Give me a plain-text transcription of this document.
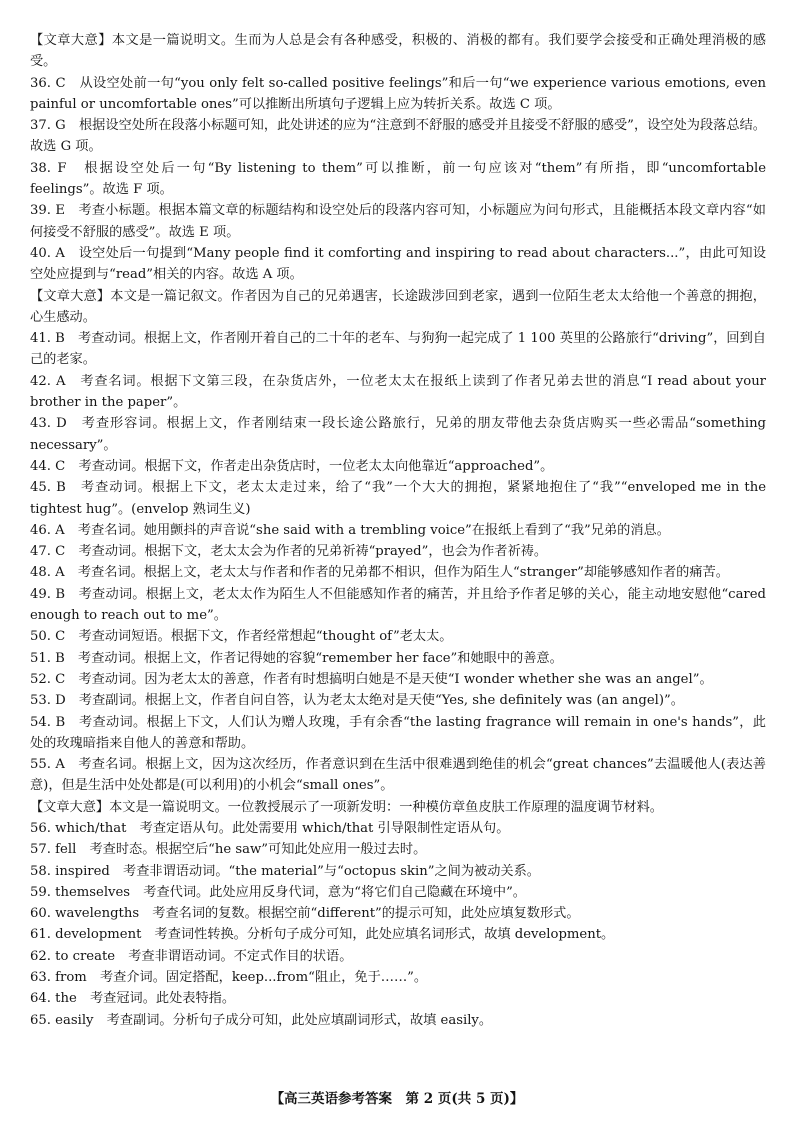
【文章大意】本文是一篇说明文。生而为人总是会有各种感受，积极的、消极的都有。我们要学会接受和正确处理消极的感受。

36. C　从设空处前一句“you only felt so-called positive feelings”和后一句“we experience various emotions, even painful or uncomfortable ones”可以推断出所填句子逻辑上应为转折关系。故选 C 项。

37. G　根据设空处所在段落小标题可知，此处讲述的应为“注意到不舒服的感受并且接受不舒服的感受”，设空处为段落总结。故选 G 项。

38. F　根据设空处后一句“By listening to them”可以推断，前一句应该对“them”有所指，即“uncomfortable feelings”。故选 F 项。

39. E　考查小标题。根据本篇文章的标题结构和设空处后的段落内容可知，小标题应为问句形式，且能概括本段文章内容“如何接受不舒服的感受”。故选 E 项。

40. A　设空处后一句提到“Many people find it comforting and inspiring to read about characters...”，由此可知设空处应提到与“read”相关的内容。故选 A 项。

【文章大意】本文是一篇记叙文。作者因为自己的兄弟遇害，长途跋涉回到老家，遇到一位陌生老太太给他一个善意的拥抱，心生感动。

41. B　考查动词。根据上文，作者刚开着自己的二十年的老车、与狗狗一起完成了 1 100 英里的公路旅行“driving”，回到自己的老家。

42. A　考查名词。根据下文第三段，在杂货店外，一位老太太在报纸上读到了作者兄弟去世的消息“I read about your brother in the paper”。

43. D　考查形容词。根据上文，作者刚结束一段长途公路旅行，兄弟的朋友带他去杂货店购买一些必需品“something necessary”。

44. C　考查动词。根据下文，作者走出杂货店时，一位老太太向他靠近“approached”。

45. B　考查动词。根据上下文，老太太走过来，给了“我”一个大大的拥抱，紧紧地抱住了“我”“enveloped me in the tightest hug”。(envelop 熟词生义)

46. A　考查名词。她用颤抖的声音说“she said with a trembling voice”在报纸上看到了“我”兄弟的消息。

47. C　考查动词。根据下文，老太太会为作者的兄弟祈祷“prayed”，也会为作者祈祷。

48. A　考查名词。根据上文，老太太与作者和作者的兄弟都不相识，但作为陌生人“stranger”却能够感知作者的痛苦。

49. B　考查动词。根据上文，老太太作为陌生人不但能感知作者的痛苦，并且给予作者足够的关心，能主动地安慰他“cared enough to reach out to me”。

50. C　考查动词短语。根据下文，作者经常想起“thought of”老太太。

51. B　考查动词。根据上文，作者记得她的容貌“remember her face”和她眼中的善意。

52. C　考查动词。因为老太太的善意，作者有时想搞明白她是不是天使“I wonder whether she was an angel”。

53. D　考查副词。根据上文，作者自问自答，认为老太太绝对是天使“Yes, she definitely was (an angel)”。

54. B　考查动词。根据上下文，人们认为赠人玫瑰，手有余香“the lasting fragrance will remain in one's hands”，此处的玫瑰暗指来自他人的善意和帮助。

55. A　考查名词。根据上文，因为这次经历，作者意识到在生活中很难遇到绝佳的机会“great chances”去温暖他人(表达善意)，但是生活中处处都是(可以利用)的小机会“small ones”。

【文章大意】本文是一篇说明文。一位教授展示了一项新发明：一种模仿章鱼皮肤工作原理的温度调节材料。

56. which/that　考查定语从句。此处需要用 which/that 引导限制性定语从句。

57. fell　考查时态。根据空后“he saw”可知此处应用一般过去时。

58. inspired　考查非谓语动词。“the material”与“octopus skin”之间为被动关系。

59. themselves　考查代词。此处应用反身代词，意为“将它们自己隐藏在环境中”。

60. wavelengths　考查名词的复数。根据空前“different”的提示可知，此处应填复数形式。

61. development　考查词性转换。分析句子成分可知，此处应填名词形式，故填 development。

62. to create　考查非谓语动词。不定式作目的状语。

63. from　考查介词。固定搭配，keep...from“阻止，免于……”。

64. the　考查冠词。此处表特指。

65. easily　考查副词。分析句子成分可知，此处应填副词形式，故填 easily。

【高三英语参考答案　第 2 页(共 5 页)】
